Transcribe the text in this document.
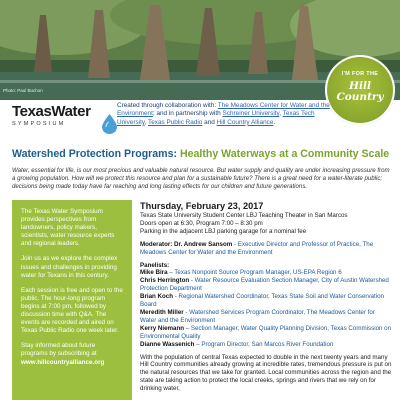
Photo: Paul Buchon
I'M FOR THE
Hill Country
TexasWater
SYMPOSIUM
Created through collaboration with: The Meadows Center for Water and the Environment; and in partnership with Schreiner University, Texas Tech University, Texas Public Radio and Hill Country Alliance.
Watershed Protection Programs: Healthy Waterways at a Community Scale
Water, essential for life, is our most precious and valuable natural resource. But water supply and quality are under increasing pressure from a growing population. How will we protect this resource and plan for a sustainable future? There is a great need for a water-literate public; decisions being made today have far reaching and long lasting effects for our children and future generations.

The Texas Water Symposium provides perspectives from landowners, policy makers, scientists, water resource experts and regional leaders.

Join us as we explore the complex issues and challenges in providing water for Texans in this century.

Each session is free and open to the public. The hour-long program begins at 7:00 pm, followed by discussion time with Q&A. The events are recorded and aired on Texas Public Radio one week later.

Stay informed about future programs by subscribing at www.hillcountryalliance.org

Thursday, February 23, 2017

Texas State University Student Center LBJ Teaching Theater in San Marcos

Doors open at 6:30, Program 7:00 – 8:30 pm

Parking in the adjacent LBJ parking garage for a nominal fee

Moderator: Dr. Andrew Sansom - Executive Director and Professor of Practice, The Meadows Center for Water and the Environment

Panelists:

Mike Bira – Texas Nonpoint Source Program Manager, US-EPA Region 6

Chris Herrington - Water Resource Evaluation Section Manager, City of Austin Watershed Protection Department

Brian Koch - Regional Watershed Coordinator, Texas State Soil and Water Conservation Board

Meredith Miller - Watershed Services Program Coordinator, The Meadows Center for Water and the Environment

Kerry Niemann – Section Manager, Water Quality Planning Division, Texas Commission on Environmental Quality

Dianne Wassenich – Program Director, San Marcos River Foundation

With the population of central Texas expected to double in the next twenty years and many Hill Country communities already growing at incredible rates, tremendous pressure is put on the natural resources that we take for granted. Local communities across the region and the state are taking action to protect the local creeks, springs and rivers that we rely on for drinking water,
